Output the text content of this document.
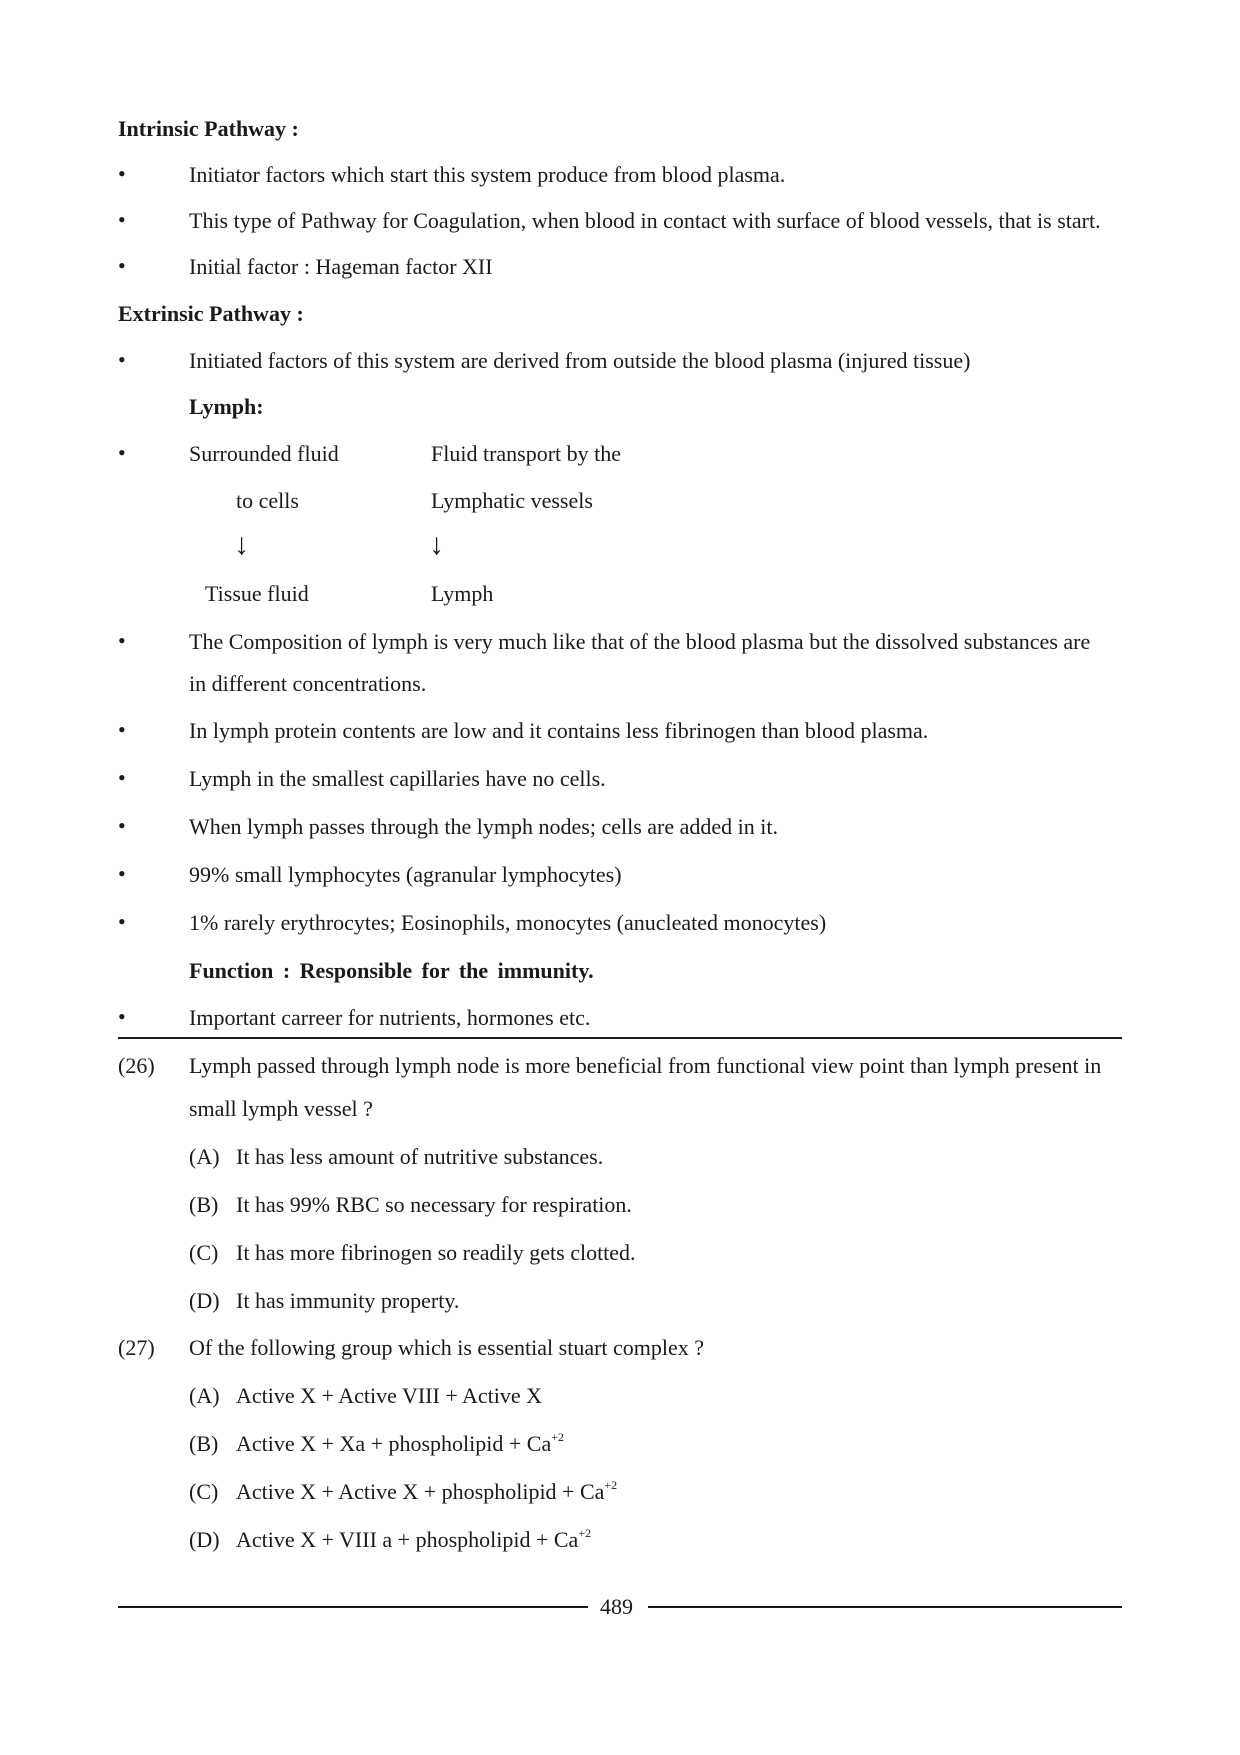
Intrinsic Pathway :
•	Initiator factors which start this system produce from blood plasma.
•	This type of Pathway for Coagulation, when blood in contact with surface of blood vessels, that is start.
•	Initial factor : Hageman factor XII
Extrinsic Pathway :
•	Initiated factors of this system are derived from outside the blood plasma (injured tissue)
Lymph:
•	Surrounded fluid	Fluid transport by the
to cells	Lymphatic vessels
↓	↓
Tissue fluid	Lymph
•	The Composition of lymph is very much like that of the blood plasma but the dissolved substances are
in different concentrations.
•	In lymph protein contents are low and it contains less fibrinogen than blood plasma.
•	Lymph in the smallest capillaries have no cells.
•	When lymph passes through the lymph nodes; cells are added in it.
•	99% small lymphocytes (agranular lymphocytes)
•	1% rarely erythrocytes; Eosinophils, monocytes (anucleated monocytes)
Function : Responsible for the immunity.
•	Important carreer for nutrients, hormones etc.
(26) Lymph passed through lymph node is more beneficial from functional view point than lymph present in
small lymph vessel ?
(A) It has less amount of nutritive substances.
(B) It has 99% RBC so necessary for respiration.
(C) It has more fibrinogen so readily gets clotted.
(D) It has immunity property.
(27) Of the following group which is essential stuart complex ?
(A) Active X + Active VIII + Active X
(B) Active X + Xa + phospholipid + $Ca^{+2}$
(C) Active X + Active X + phospholipid + $Ca^{+2}$
(D) Active X + VIII a + phospholipid + $Ca^{+2}$
489
